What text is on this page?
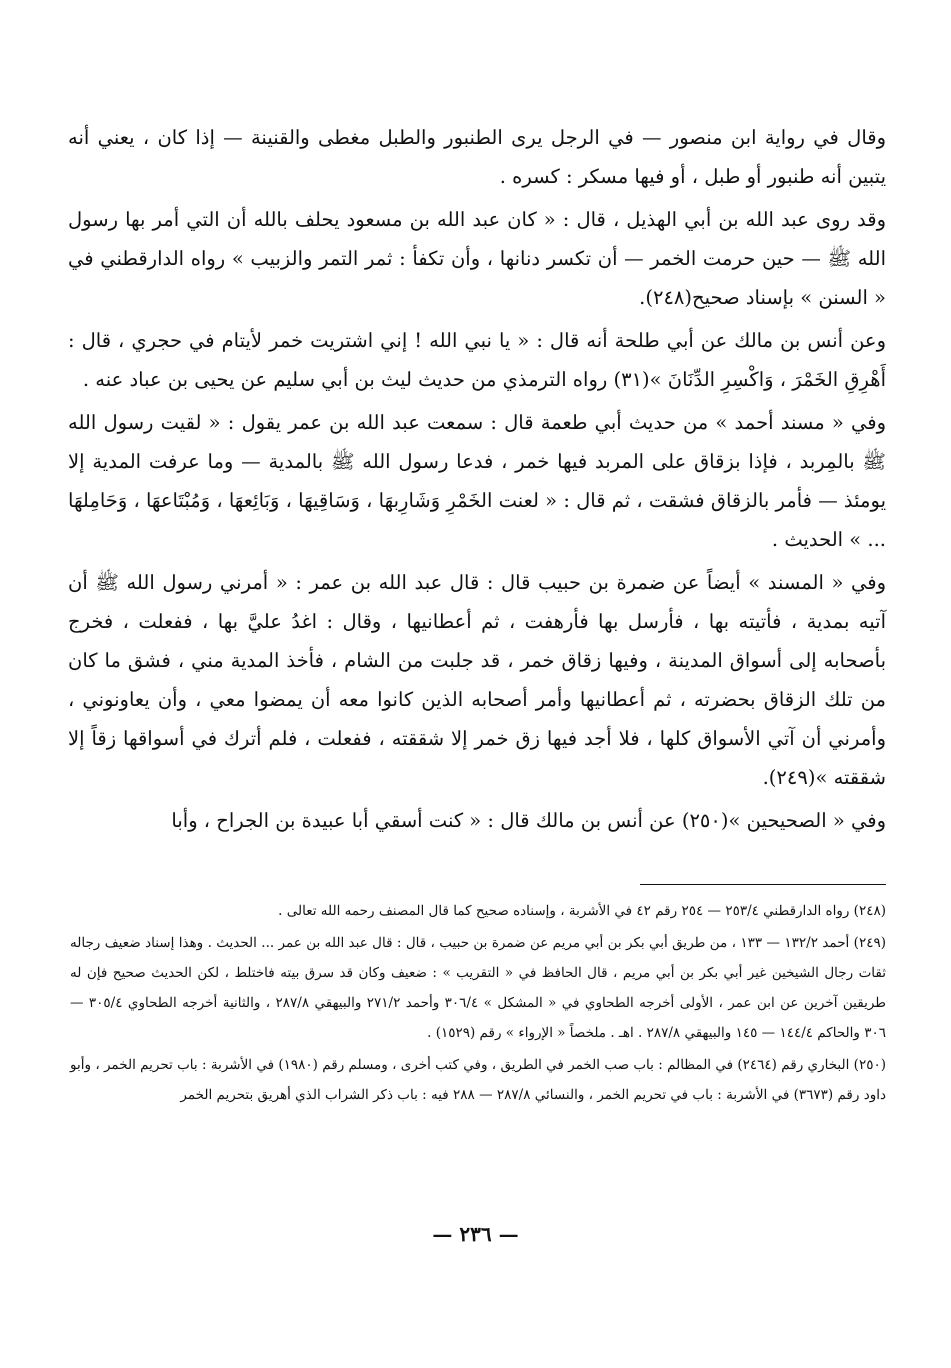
وقال في رواية ابن منصور — في الرجل يرى الطنبور والطبل مغطى والقنينة — إذا كان ، يعني أنه يتبين أنه طنبور أو طبل ، أو فيها مسكر : كسره .

وقد روى عبد الله بن أبي الهذيل ، قال : « كان عبد الله بن مسعود يحلف بالله أن التي أمر بها رسول الله ﷺ — حين حرمت الخمر — أن تكسر دنانها ، وأن تكفأ : ثمر التمر والزبيب » رواه الدارقطني في « السنن » بإسناد صحيح(٢٤٨).

وعن أنس بن مالك عن أبي طلحة أنه قال : « يا نبي الله ! إني اشتريت خمر لأيتام في حجري ، قال : أَهْرِقِ الخَمْرَ ، وَاكْسِرِ الدِّنَانَ »(٣١) رواه الترمذي من حديث ليث بن أبي سليم عن يحيى بن عباد عنه .

وفي « مسند أحمد » من حديث أبي طعمة قال : سمعت عبد الله بن عمر يقول : « لقيت رسول الله ﷺ بالمِربد ، فإذا بزقاق على المربد فيها خمر ، فدعا رسول الله ﷺ بالمدية — وما عرفت المدية إلا يومئذ — فأمر بالزقاق فشقت ، ثم قال : « لعنت الخَمْرِ وَشَارِبهَا ، وَسَاقِيهَا ، وَبَائِعهَا ، وَمُبْتَاعهَا ، وَحَامِلهَا ... » الحديث .

وفي « المسند » أيضاً عن ضمرة بن حبيب قال : قال عبد الله بن عمر : « أمرني رسول الله ﷺ أن آتيه بمدية ، فأتيته بها ، فأرسل بها فأرهفت ، ثم أعطانيها ، وقال : اغدُ عليَّ بها ، ففعلت ، فخرج بأصحابه إلى أسواق المدينة ، وفيها زقاق خمر ، قد جلبت من الشام ، فأخذ المدية مني ، فشق ما كان من تلك الزقاق بحضرته ، ثم أعطانيها وأمر أصحابه الذين كانوا معه أن يمضوا معي ، وأن يعاونوني ، وأمرني أن آتي الأسواق كلها ، فلا أجد فيها زق خمر إلا شققته ، ففعلت ، فلم أترك في أسواقها زقاً إلا شققته »(٢٤٩).

وفي « الصحيحين »(٢٥٠) عن أنس بن مالك قال : « كنت أسقي أبا عبيدة بن الجراح ، وأبا

(٢٤٨) رواه الدارقطني ٢٥٣/٤ — ٢٥٤ رقم ٤٢ في الأشربة ، وإسناده صحيح كما قال المصنف رحمه الله تعالى .

(٢٤٩) أحمد ١٣٢/٢ — ١٣٣ ، من طريق أبي بكر بن أبي مريم عن ضمرة بن حبيب ، قال : قال عبد الله بن عمر ... الحديث . وهذا إسناد ضعيف رجاله ثقات رجال الشيخين غير أبي بكر بن أبي مريم ، قال الحافظ في « التقريب » : ضعيف وكان قد سرق بيته فاختلط ، لكن الحديث صحيح فإن له طريقين آخرين عن ابن عمر ، الأولى أخرجه الطحاوي في « المشكل » ٣٠٦/٤ وأحمد ٢٧١/٢ والبيهقي ٢٨٧/٨ ، والثانية أخرجه الطحاوي ٣٠٥/٤ — ٣٠٦ والحاكم ١٤٤/٤ — ١٤٥ والبيهقي ٢٨٧/٨ . اهـ . ملخصاً « الإرواء » رقم (١٥٢٩) .

(٢٥٠) البخاري رقم (٢٤٦٤) في المظالم : باب صب الخمر في الطريق ، وفي كتب أخرى ، ومسلم رقم (١٩٨٠) في الأشربة : باب تحريم الخمر ، وأبو داود رقم (٣٦٧٣) في الأشربة : باب في تحريم الخمر ، والنسائي ٢٨٧/٨ — ٢٨٨ فيه : باب ذكر الشراب الذي أهريق بتحريم الخمر

— ٢٣٦ —
